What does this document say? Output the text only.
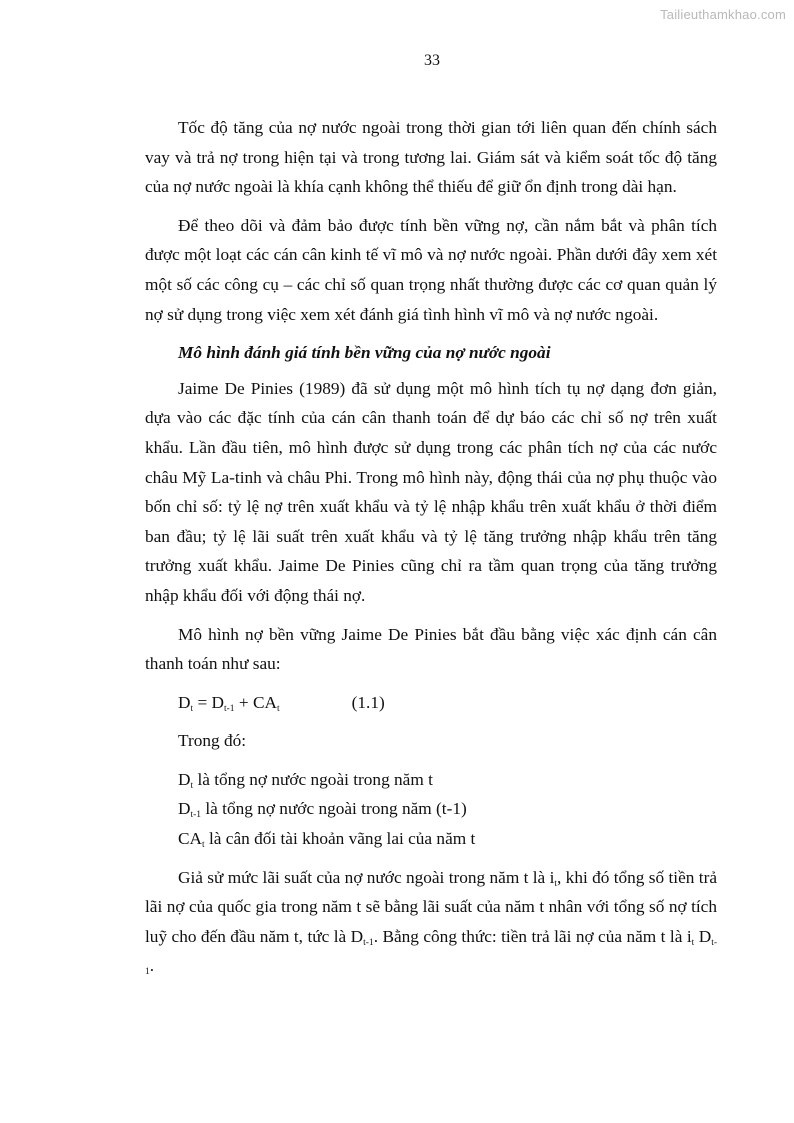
Tailieuthamkhao.com
33

Tốc độ tăng của nợ nước ngoài trong thời gian tới liên quan đến chính sách vay và trả nợ trong hiện tại và trong tương lai. Giám sát và kiểm soát tốc độ tăng của nợ nước ngoài là khía cạnh không thể thiếu để giữ ổn định trong dài hạn.

Để theo dõi và đảm bảo được tính bền vững nợ, cần nắm bắt và phân tích được một loạt các cán cân kinh tế vĩ mô và nợ nước ngoài. Phần dưới đây xem xét một số các công cụ – các chỉ số quan trọng nhất thường được các cơ quan quản lý nợ sử dụng trong việc xem xét đánh giá tình hình vĩ mô và nợ nước ngoài.

Mô hình đánh giá tính bền vững của nợ nước ngoài

Jaime De Pinies (1989) đã sử dụng một mô hình tích tụ nợ dạng đơn giản, dựa vào các đặc tính của cán cân thanh toán để dự báo các chỉ số nợ trên xuất khẩu. Lần đầu tiên, mô hình được sử dụng trong các phân tích nợ của các nước châu Mỹ La-tinh và châu Phi. Trong mô hình này, động thái của nợ phụ thuộc vào bốn chỉ số: tỷ lệ nợ trên xuất khẩu và tỷ lệ nhập khẩu trên xuất khẩu ở thời điểm ban đầu; tỷ lệ lãi suất trên xuất khẩu và tỷ lệ tăng trưởng nhập khẩu trên tăng trưởng xuất khẩu. Jaime De Pinies cũng chỉ ra tầm quan trọng của tăng trưởng nhập khẩu đối với động thái nợ.

Mô hình nợ bền vững Jaime De Pinies bắt đầu bằng việc xác định cán cân thanh toán như sau:

$D_t = D_{t-1} + CA_t$	(1.1)
Trong đó:
$D_t$ là tổng nợ nước ngoài trong năm t
$D_{t-1}$ là tổng nợ nước ngoài trong năm (t-1)
$CA_t$ là cân đối tài khoản vãng lai của năm t

Giả sử mức lãi suất của nợ nước ngoài trong năm t là $i_t$, khi đó tổng số tiền trả lãi nợ của quốc gia trong năm t sẽ bằng lãi suất của năm t nhân với tổng số nợ tích luỹ cho đến đầu năm t, tức là $D_{t-1}$. Bằng công thức: tiền trả lãi nợ của năm t là $i_t$ $D_{t-1}$.
